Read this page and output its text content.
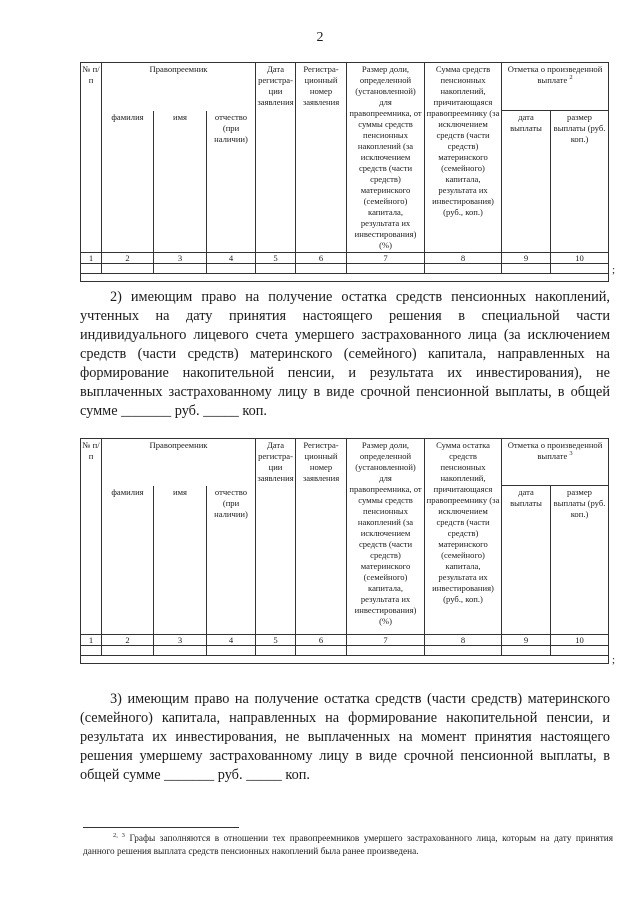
2
№ п/п	Правопреемник			Дата регистра-ции заявления	Регистра-ционный номер заявления	Размер доли, определенной (установленной) для правопреемника, от суммы средств пенсионных накоплений (за исключением средств (части средств) материнского (семейного) капитала, результата их инвестирования) (%)	Сумма средств пенсионных накоплений, причитающаяся правопреемнику (за исключением средств (части средств) материнского (семейного) капитала, результата их инвестирования) (руб., коп.)	Отметка о произведенной выплате $^2$
	фамилия	имя	отчество (при наличии)					дата выплаты	размер выплаты (руб. коп.)
1	2	3	4	5	6	7	8	9	10

;

2) имеющим право на получение остатка средств пенсионных накоплений, учтенных на дату принятия настоящего решения в специальной части индивидуального лицевого счета умершего застрахованного лица (за исключением средств (части средств) материнского (семейного) капитала, направленных на формирование накопительной пенсии, и результата их инвестирования), не выплаченных застрахованному лицу в виде срочной пенсионной выплаты, в общей сумме _______ руб. _____ коп.

№ п/п	Правопреемник			Дата регистра-ции заявления	Регистра-ционный номер заявления	Размер доли, определенной (установленной) для правопреемника, от суммы средств пенсионных накоплений (за исключением средств (части средств) материнского (семейного) капитала, результата их инвестирования) (%)	Сумма остатка средств пенсионных накоплений, причитающаяся правопреемнику (за исключением средств (части средств) материнского (семейного) капитала, результата их инвестирования) (руб., коп.)	Отметка о произведенной выплате $^3$
	фамилия	имя	отчество (при наличии)					дата выплаты	размер выплаты (руб. коп.)
1	2	3	4	5	6	7	8	9	10

;

3) имеющим право на получение остатка средств (части средств) материнского (семейного) капитала, направленных на формирование накопительной пенсии, и результата их инвестирования, не выплаченных на момент принятия настоящего решения умершему застрахованному лицу в виде срочной пенсионной выплаты, в общей сумме _______ руб. _____ коп.

$^{2, 3}$ Графы заполняются в отношении тех правопреемников умершего застрахованного лица, которым на дату принятия данного решения выплата средств пенсионных накоплений была ранее произведена.
